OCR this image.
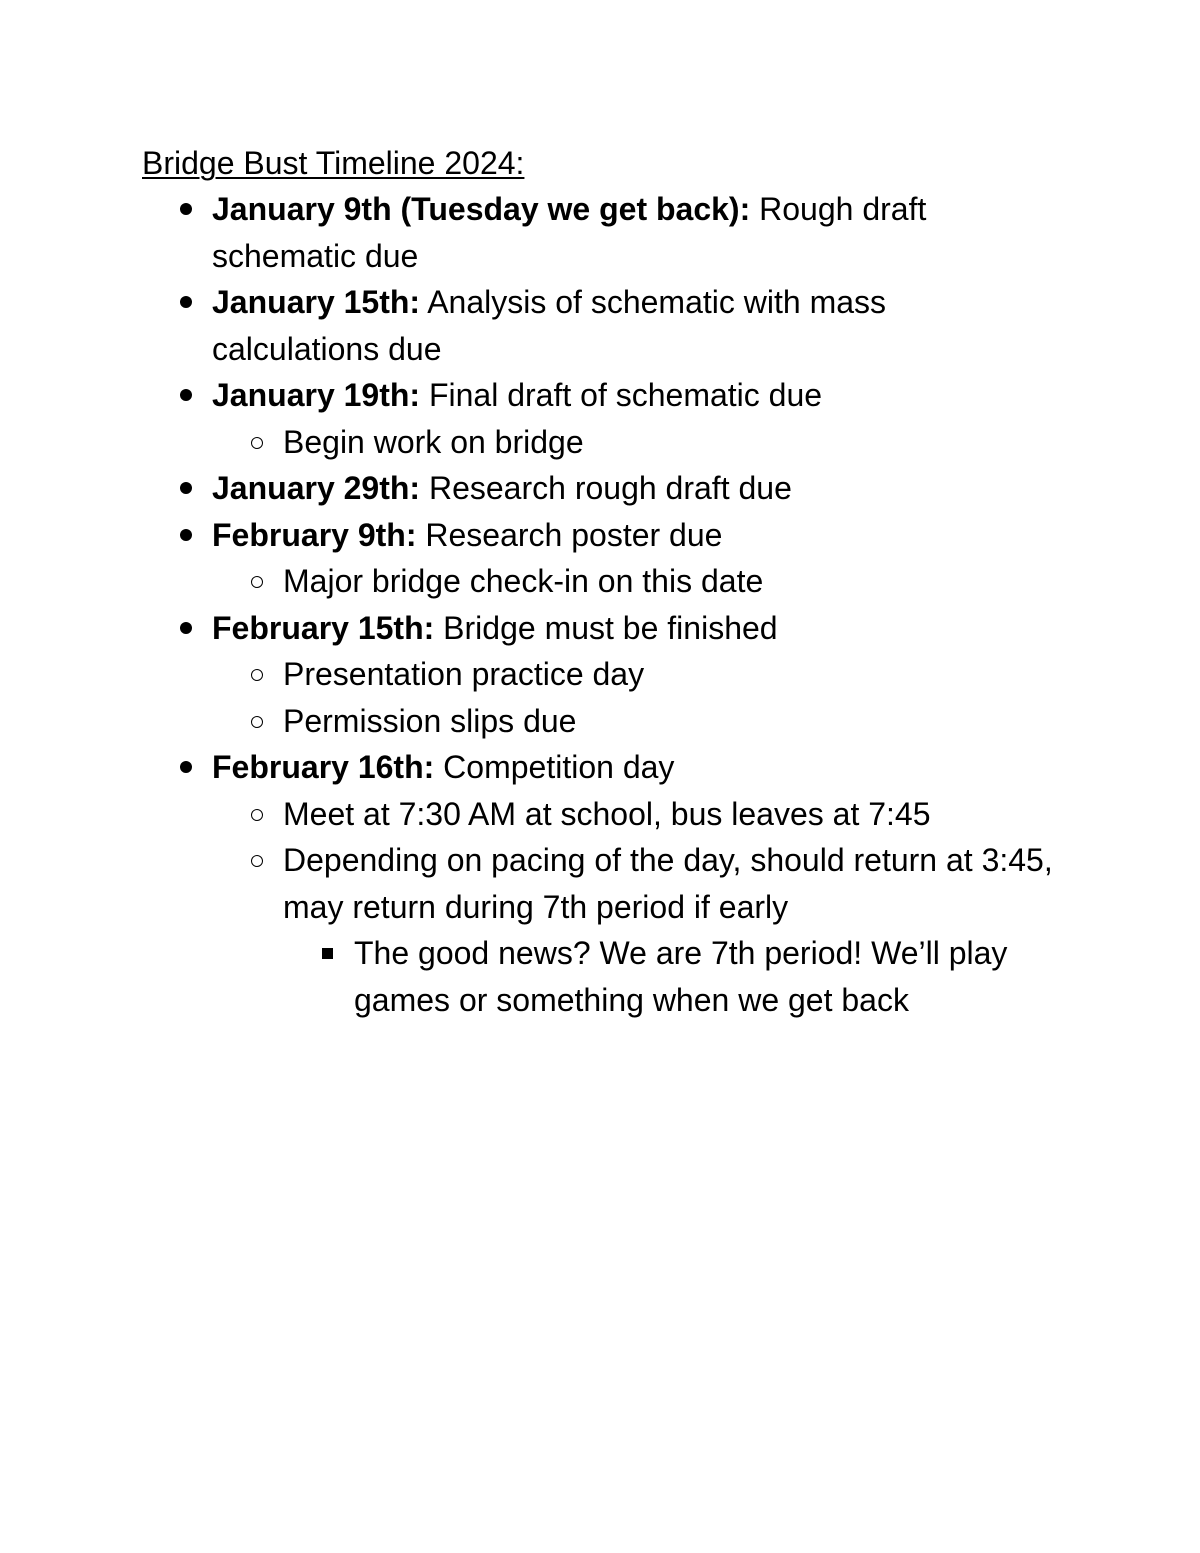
Bridge Bust Timeline 2024:
January 9th (Tuesday we get back): Rough draft schematic due
January 15th: Analysis of schematic with mass calculations due
January 19th: Final draft of schematic due
Begin work on bridge
January 29th: Research rough draft due
February 9th: Research poster due
Major bridge check-in on this date
February 15th: Bridge must be finished
Presentation practice day
Permission slips due
February 16th: Competition day
Meet at 7:30 AM at school, bus leaves at 7:45
Depending on pacing of the day, should return at 3:45, may return during 7th period if early
The good news? We are 7th period! We’ll play games or something when we get back
